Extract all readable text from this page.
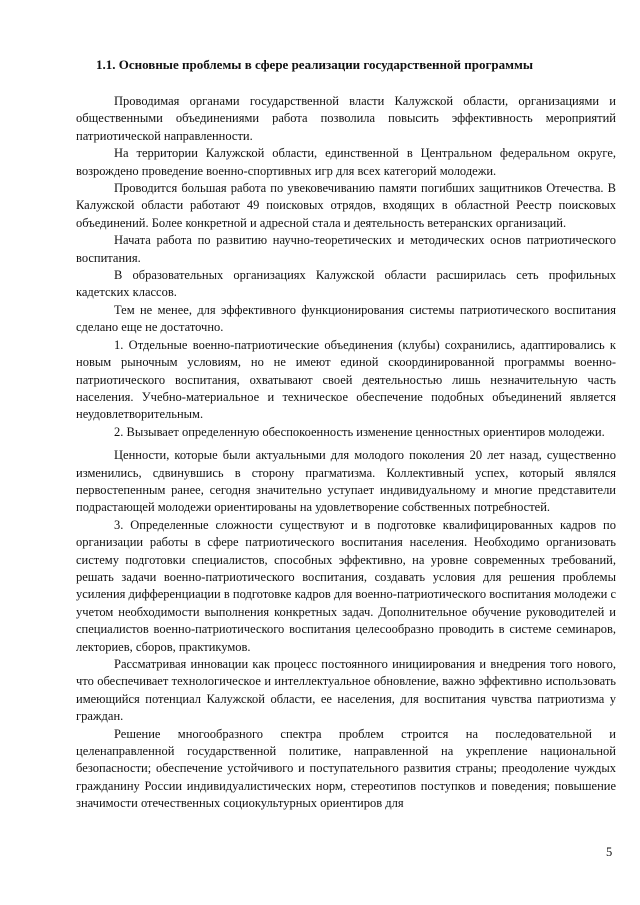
1.1. Основные проблемы в сфере реализации государственной программы

Проводимая органами государственной власти Калужской области, организациями и общественными объединениями работа позволила повысить эффективность мероприятий патриотической направленности.

На территории Калужской области, единственной в Центральном федеральном округе, возрождено проведение военно-спортивных игр для всех категорий молодежи.

Проводится большая работа по увековечиванию памяти погибших защитников Отечества. В Калужской области работают 49 поисковых отрядов, входящих в областной Реестр поисковых объединений. Более конкретной и адресной стала и деятельность ветеранских организаций.

Начата работа по развитию научно-теоретических и методических основ патриотического воспитания.

В образовательных организациях Калужской области расширилась сеть профильных кадетских классов.

Тем не менее, для эффективного функционирования системы патриотического воспитания сделано еще не достаточно.

1. Отдельные военно-патриотические объединения (клубы) сохранились, адаптировались к новым рыночным условиям, но не имеют единой скоординированной программы военно-патриотического воспитания, охватывают своей деятельностью лишь незначительную часть населения. Учебно-материальное и техническое обеспечение подобных объединений является неудовлетворительным.

2. Вызывает определенную обеспокоенность изменение ценностных ориентиров молодежи.

Ценности, которые были актуальными для молодого поколения 20 лет назад, существенно изменились, сдвинувшись в сторону прагматизма. Коллективный успех, который являлся первостепенным ранее, сегодня значительно уступает индивидуальному и многие представители подрастающей молодежи ориентированы на удовлетворение собственных потребностей.

3. Определенные сложности существуют и в подготовке квалифицированных кадров по организации работы в сфере патриотического воспитания населения. Необходимо организовать систему подготовки специалистов, способных эффективно, на уровне современных требований, решать задачи военно-патриотического воспитания, создавать условия для решения проблемы усиления дифференциации в подготовке кадров для военно-патриотического воспитания молодежи с учетом необходимости выполнения конкретных задач. Дополнительное обучение руководителей и специалистов военно-патриотического воспитания целесообразно проводить в системе семинаров, лекториев, сборов, практикумов.

Рассматривая инновации как процесс постоянного инициирования и внедрения того нового, что обеспечивает технологическое и интеллектуальное обновление, важно эффективно использовать имеющийся потенциал Калужской области, ее населения, для воспитания чувства патриотизма у граждан.

Решение многообразного спектра проблем строится на последовательной и целенаправленной государственной политике, направленной на укрепление национальной безопасности; обеспечение устойчивого и поступательного развития страны; преодоление чуждых гражданину России индивидуалистических норм, стереотипов поступков и поведения; повышение значимости отечественных социокультурных ориентиров для

5
